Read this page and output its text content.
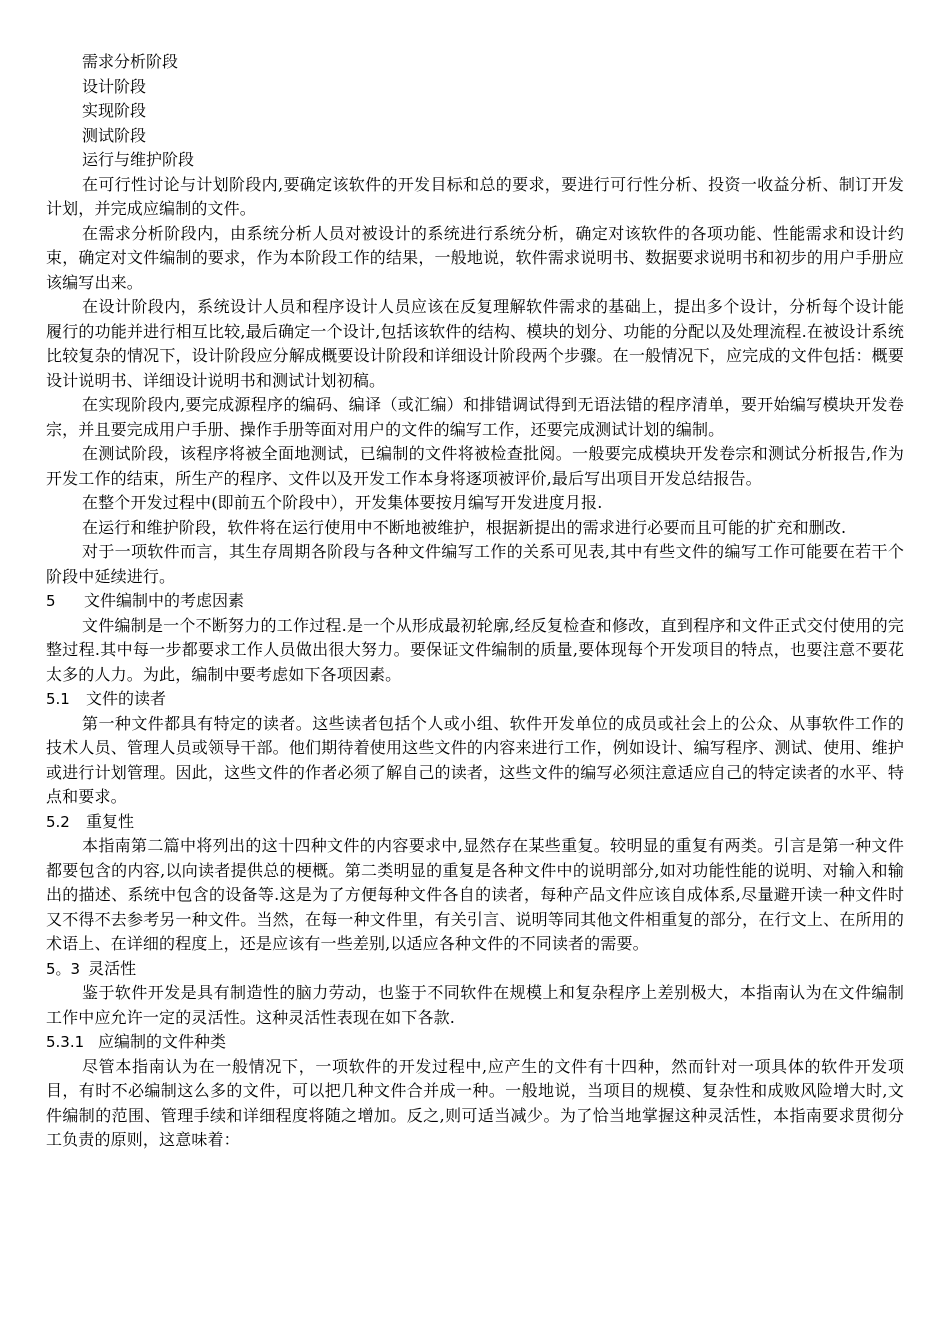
需求分析阶段
设计阶段
实现阶段
测试阶段
运行与维护阶段

在可行性讨论与计划阶段内,要确定该软件的开发目标和总的要求，要进行可行性分析、投资一收益分析、制订开发计划，并完成应编制的文件。

在需求分析阶段内，由系统分析人员对被设计的系统进行系统分析，确定对该软件的各项功能、性能需求和设计约束，确定对文件编制的要求，作为本阶段工作的结果，一般地说，软件需求说明书、数据要求说明书和初步的用户手册应该编写出来。

在设计阶段内，系统设计人员和程序设计人员应该在反复理解软件需求的基础上，提出多个设计，分析每个设计能履行的功能并进行相互比较,最后确定一个设计,包括该软件的结构、模块的划分、功能的分配以及处理流程.在被设计系统比较复杂的情况下，设计阶段应分解成概要设计阶段和详细设计阶段两个步骤。在一般情况下，应完成的文件包括：概要设计说明书、详细设计说明书和测试计划初稿。

在实现阶段内,要完成源程序的编码、编译（或汇编）和排错调试得到无语法错的程序清单，要开始编写模块开发卷宗，并且要完成用户手册、操作手册等面对用户的文件的编写工作，还要完成测试计划的编制。

在测试阶段，该程序将被全面地测试，已编制的文件将被检查批阅。一般要完成模块开发卷宗和测试分析报告,作为开发工作的结束，所生产的程序、文件以及开发工作本身将逐项被评价,最后写出项目开发总结报告。

在整个开发过程中(即前五个阶段中），开发集体要按月编写开发进度月报.

在运行和维护阶段，软件将在运行使用中不断地被维护，根据新提出的需求进行必要而且可能的扩充和删改.

对于一项软件而言，其生存周期各阶段与各种文件编写工作的关系可见表,其中有些文件的编写工作可能要在若干个阶段中延续进行。

5 文件编制中的考虑因素

文件编制是一个不断努力的工作过程.是一个从形成最初轮廓,经反复检查和修改，直到程序和文件正式交付使用的完整过程.其中每一步都要求工作人员做出很大努力。要保证文件编制的质量,要体现每个开发项目的特点，也要注意不要花太多的人力。为此，编制中要考虑如下各项因素。

5.1 文件的读者

第一种文件都具有特定的读者。这些读者包括个人或小组、软件开发单位的成员或社会上的公众、从事软件工作的技术人员、管理人员或领导干部。他们期待着使用这些文件的内容来进行工作，例如设计、编写程序、测试、使用、维护或进行计划管理。因此，这些文件的作者必须了解自己的读者，这些文件的编写必须注意适应自己的特定读者的水平、特点和要求。

5.2 重复性

本指南第二篇中将列出的这十四种文件的内容要求中,显然存在某些重复。较明显的重复有两类。引言是第一种文件都要包含的内容,以向读者提供总的梗概。第二类明显的重复是各种文件中的说明部分,如对功能性能的说明、对输入和输出的描述、系统中包含的设备等.这是为了方便每种文件各自的读者，每种产品文件应该自成体系,尽量避开读一种文件时又不得不去参考另一种文件。当然，在每一种文件里，有关引言、说明等同其他文件相重复的部分，在行文上、在所用的术语上、在详细的程度上，还是应该有一些差别,以适应各种文件的不同读者的需要。

5。3 灵活性

鉴于软件开发是具有制造性的脑力劳动，也鉴于不同软件在规模上和复杂程序上差别极大，本指南认为在文件编制工作中应允许一定的灵活性。这种灵活性表现在如下各款.

5.3.1 应编制的文件种类

尽管本指南认为在一般情况下，一项软件的开发过程中,应产生的文件有十四种，然而针对一项具体的软件开发项目，有时不必编制这么多的文件，可以把几种文件合并成一种。一般地说，当项目的规模、复杂性和成败风险增大时,文件编制的范围、管理手续和详细程度将随之增加。反之,则可适当减少。为了恰当地掌握这种灵活性，本指南要求贯彻分工负责的原则，这意味着：
